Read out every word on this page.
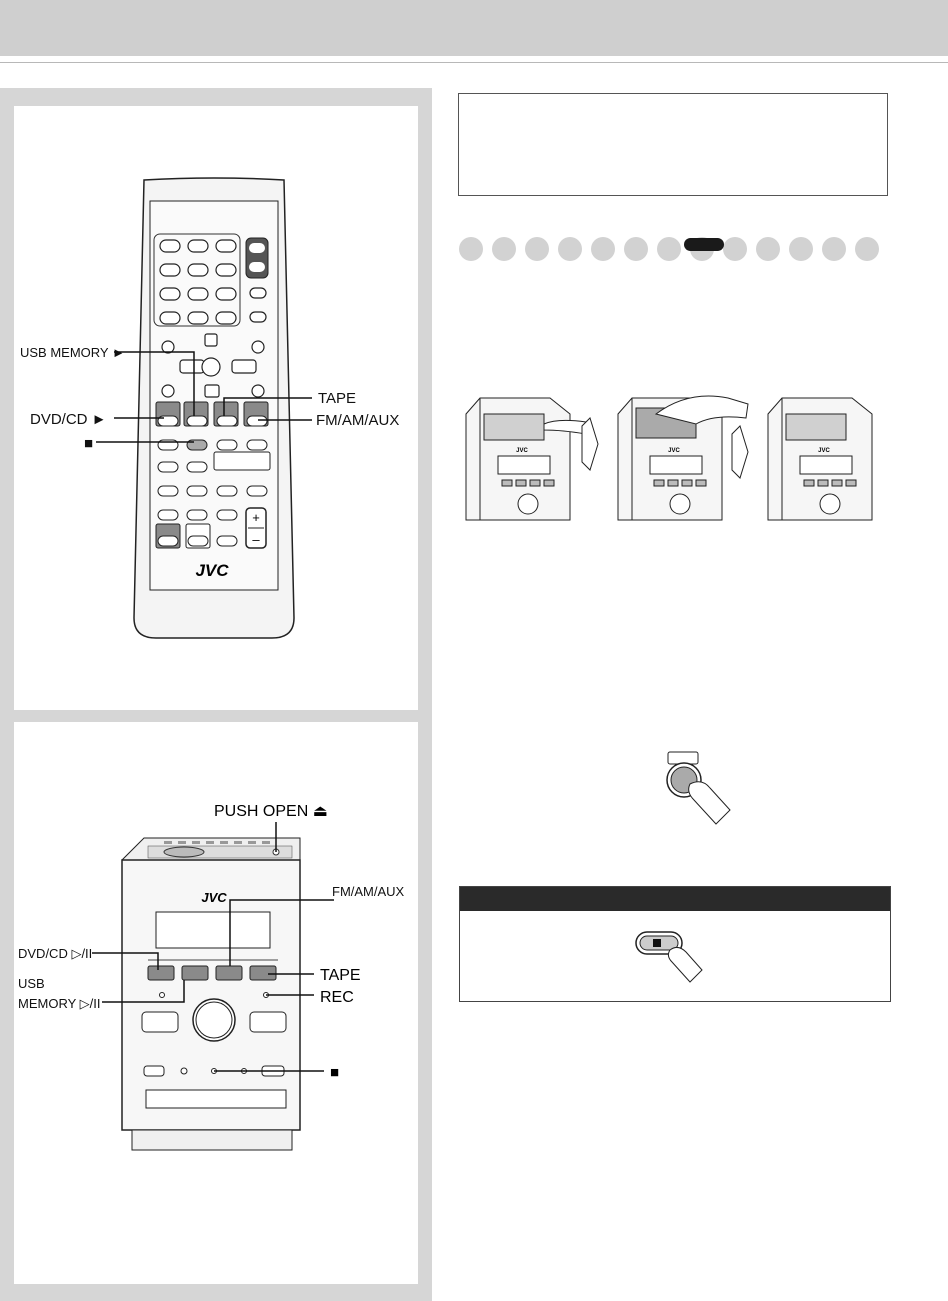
+
–
JVC
USB MEMORY ►
DVD/CD ►
■
TAPE
FM/AM/AUX
JVC
PUSH OPEN ⏏
FM/AM/AUX
DVD/CD ▷/II
USB
MEMORY ▷/II
TAPE
REC
■
JVC	JVC	JVC
